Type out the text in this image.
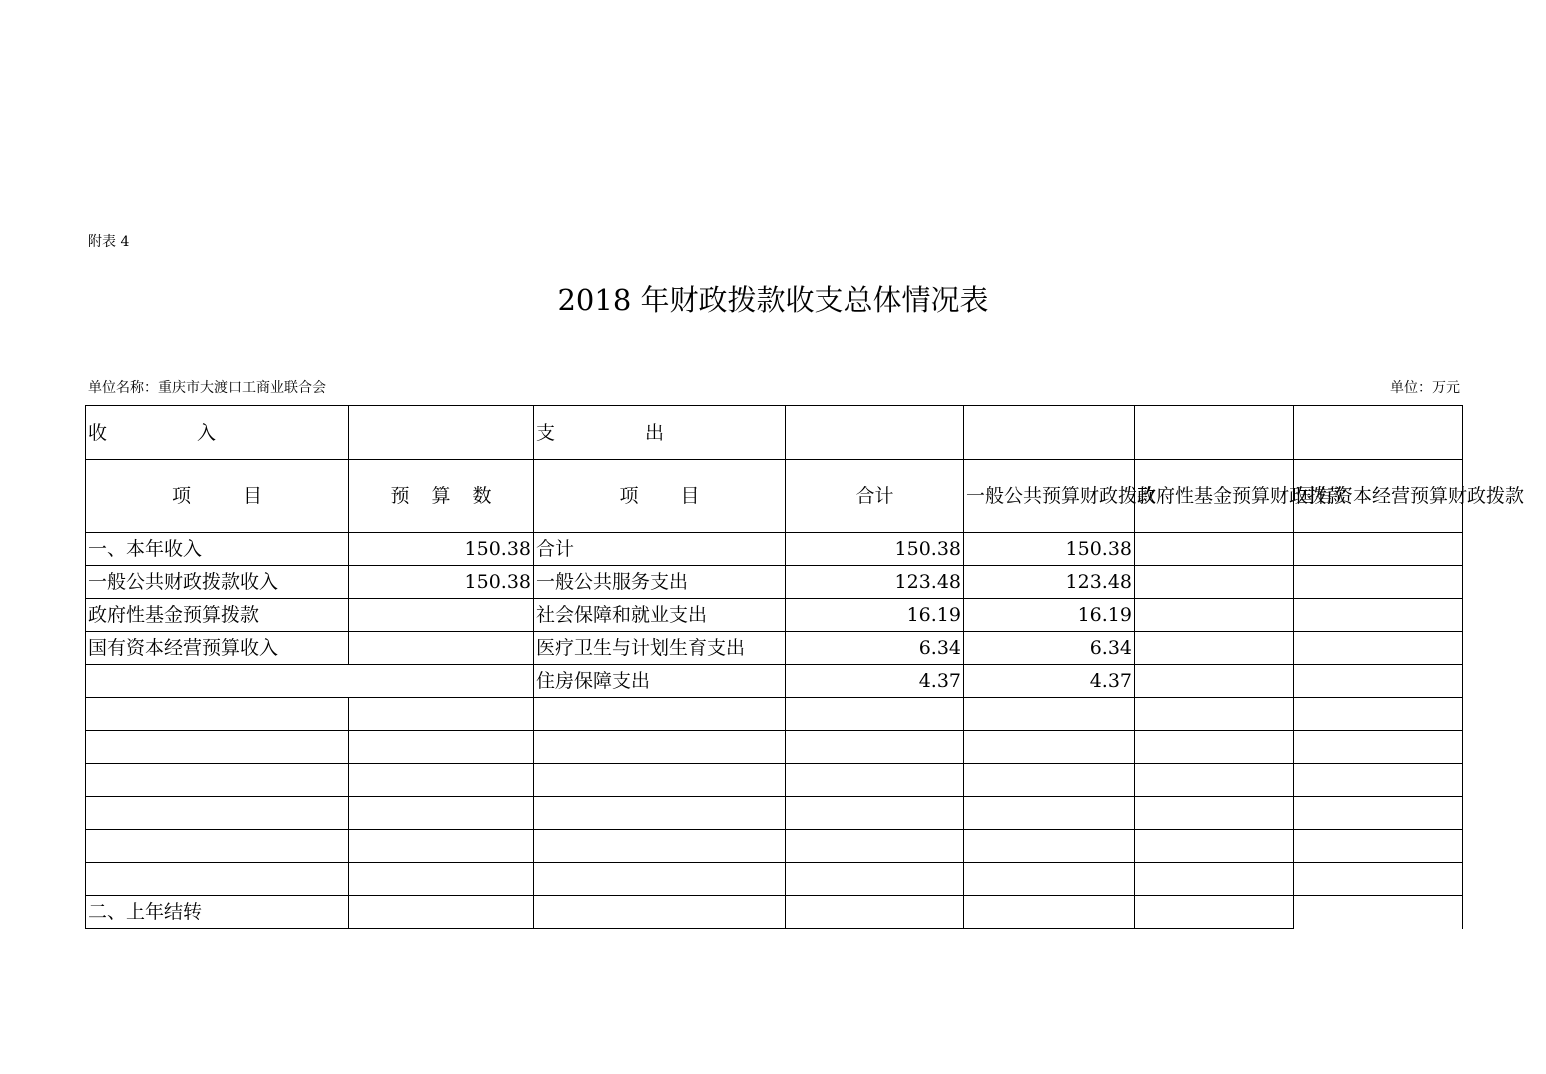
附表 4
2018 年财政拨款收支总体情况表
单位名称：重庆市大渡口工商业联合会	单位：万元
收 入		支 出				
项 目	预 算 数	项 目	合计	一般公共预算财政拨款	政府性基金预算财政拨款	国有资本经营预算财政拨款
一、本年收入	150.38	合计	150.38	150.38		
一般公共财政拨款收入	150.38	一般公共服务支出	123.48	123.48		
政府性基金预算拨款		社会保障和就业支出	16.19	16.19		
国有资本经营预算收入		医疗卫生与计划生育支出	6.34	6.34		
		住房保障支出	4.37	4.37		

二、上年结转						
